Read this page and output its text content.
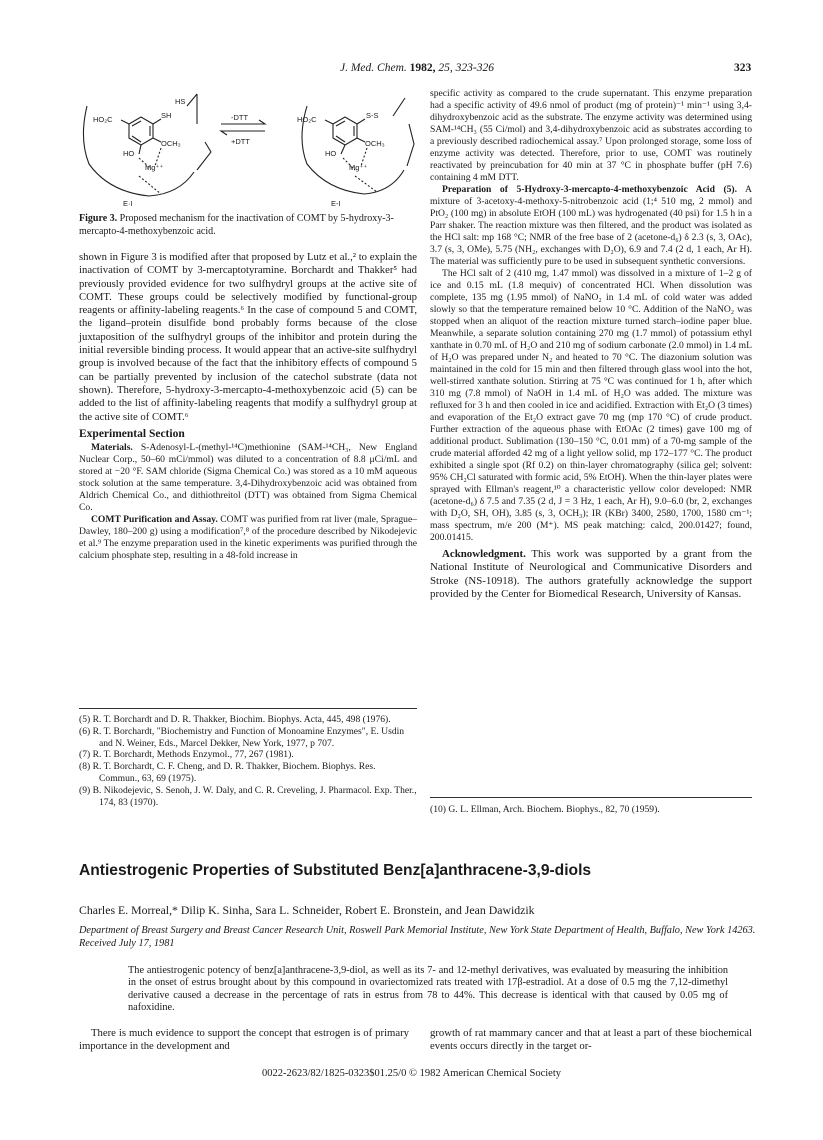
J. Med. Chem. 1982, 25, 323-326	323
HO₂C	SH
HS
OCH₃
HO
Mg⁺⁺
E·I
-DTT
+DTT
HO₂C	S-S
OCH₃
HO
Mg⁺⁺
E-I
Figure 3. Proposed mechanism for the inactivation of COMT by 5-hydroxy-3-mercapto-4-methoxybenzoic acid.

shown in Figure 3 is modified after that proposed by Lutz et al.,² to explain the inactivation of COMT by 3-mercaptotyramine. Borchardt and Thakker⁵ had previously provided evidence for two sulfhydryl groups at the active site of COMT. These groups could be selectively modified by functional-group reagents or affinity-labeling reagents.⁶ In the case of compound 5 and COMT, the ligand–protein disulfide bond probably forms because of the close juxtaposition of the sulfhydryl groups of the inhibitor and protein during the initial reversible binding process. It would appear that an active-site sulfhydryl group is involved because of the fact that the inhibitory effects of compound 5 can be partially prevented by inclusion of the catechol substrate (data not shown). Therefore, 5-hydroxy-3-mercapto-4-methoxybenzoic acid (5) can be added to the list of affinity-labeling reagents that modify a sulfhydryl group at the active site of COMT.⁶

Experimental Section

Materials. S-Adenosyl-L-(methyl-¹⁴C)methionine (SAM-¹⁴CH₃, New England Nuclear Corp., 50–60 mCi/mmol) was diluted to a concentration of 8.8 μCi/mL and stored at −20 °F. SAM chloride (Sigma Chemical Co.) was stored as a 10 mM aqueous stock solution at the same temperature. 3,4-Dihydroxybenzoic acid was obtained from Aldrich Chemical Co., and dithiothreitol (DTT) was obtained from Sigma Chemical Co.

COMT Purification and Assay. COMT was purified from rat liver (male, Sprague–Dawley, 180–200 g) using a modification⁷,⁸ of the procedure described by Nikodejevic et al.⁹ The enzyme preparation used in the kinetic experiments was purified through the calcium phosphate step, resulting in a 48-fold increase in

(5) R. T. Borchardt and D. R. Thakker, Biochim. Biophys. Acta, 445, 498 (1976).
(6) R. T. Borchardt, "Biochemistry and Function of Monoamine Enzymes", E. Usdin and N. Weiner, Eds., Marcel Dekker, New York, 1977, p 707.
(7) R. T. Borchardt, Methods Enzymol., 77, 267 (1981).
(8) R. T. Borchardt, C. F. Cheng, and D. R. Thakker, Biochem. Biophys. Res. Commun., 63, 69 (1975).
(9) B. Nikodejevic, S. Senoh, J. W. Daly, and C. R. Creveling, J. Pharmacol. Exp. Ther., 174, 83 (1970).

specific activity as compared to the crude supernatant. This enzyme preparation had a specific activity of 49.6 nmol of product (mg of protein)⁻¹ min⁻¹ using 3,4-dihydroxybenzoic acid as the substrate. The enzyme activity was determined using SAM-¹⁴CH₃ (55 Ci/mol) and 3,4-dihydroxybenzoic acid as substrates according to a previously described radiochemical assay.⁷ Upon prolonged storage, some loss of enzyme activity was detected. Therefore, prior to use, COMT was routinely reactivated by preincubation for 40 min at 37 °C in phosphate buffer (pH 7.6) containing 4 mM DTT.

Preparation of 5-Hydroxy-3-mercapto-4-methoxybenzoic Acid (5). A mixture of 3-acetoxy-4-methoxy-5-nitrobenzoic acid (1;⁴ 510 mg, 2 mmol) and PtO₂ (100 mg) in absolute EtOH (100 mL) was hydrogenated (40 psi) for 1.5 h in a Parr shaker. The reaction mixture was then filtered, and the product was isolated as the HCl salt: mp 168 °C; NMR of the free base of 2 (acetone-d₆) δ 2.3 (s, 3, OAc), 3.7 (s, 3, OMe), 5.75 (NH₂, exchanges with D₂O), 6.9 and 7.4 (2 d, 1 each, Ar H). The material was sufficiently pure to be used in subsequent synthetic conversions.

The HCl salt of 2 (410 mg, 1.47 mmol) was dissolved in a mixture of 1–2 g of ice and 0.15 mL (1.8 mequiv) of concentrated HCl. When dissolution was complete, 135 mg (1.95 mmol) of NaNO₂ in 1.4 mL of cold water was added slowly so that the temperature remained below 10 °C. Addition of the NaNO₂ was stopped when an aliquot of the reaction mixture turned starch–iodine paper blue. Meanwhile, a separate solution containing 270 mg (1.7 mmol) of potassium ethyl xanthate in 0.70 mL of H₂O and 210 mg of sodium carbonate (2.0 mmol) in 1.4 mL of H₂O was prepared under N₂ and heated to 70 °C. The diazonium solution was maintained in the cold for 15 min and then filtered through glass wool into the hot, well-stirred xanthate solution. Stirring at 75 °C was continued for 1 h, after which 310 mg (7.8 mmol) of NaOH in 1.4 mL of H₂O was added. The mixture was refluxed for 3 h and then cooled in ice and acidified. Extraction with Et₂O (3 times) and evaporation of the Et₂O extract gave 70 mg (mp 170 °C) of crude product. Further extraction of the aqueous phase with EtOAc (2 times) gave 100 mg of additional product. Sublimation (130–150 °C, 0.01 mm) of a 70-mg sample of the crude material afforded 42 mg of a light yellow solid, mp 172–177 °C. The product exhibited a single spot (Rf 0.2) on thin-layer chromatography (silica gel; solvent: 95% CH₂Cl saturated with formic acid, 5% EtOH). When the thin-layer plates were sprayed with Ellman's reagent,¹⁰ a characteristic yellow color developed: NMR (acetone-d₆) δ 7.5 and 7.35 (2 d, J = 3 Hz, 1 each, Ar H), 9.0–6.0 (br, 2, exchanges with D₂O, SH, OH), 3.85 (s, 3, OCH₃); IR (KBr) 3400, 2580, 1700, 1580 cm⁻¹; mass spectrum, m/e 200 (M⁺). MS peak matching: calcd, 200.01427; found, 200.01415.

Acknowledgment. This work was supported by a grant from the National Institute of Neurological and Communicative Disorders and Stroke (NS-10918). The authors gratefully acknowledge the support provided by the Center for Biomedical Research, University of Kansas.

(10) G. L. Ellman, Arch. Biochem. Biophys., 82, 70 (1959).
Antiestrogenic Properties of Substituted Benz[a]anthracene-3,9-diols
Charles E. Morreal,* Dilip K. Sinha, Sara L. Schneider, Robert E. Bronstein, and Jean Dawidzik
Department of Breast Surgery and Breast Cancer Research Unit, Roswell Park Memorial Institute, New York State Department of Health, Buffalo, New York 14263. Received July 17, 1981
The antiestrogenic potency of benz[a]anthracene-3,9-diol, as well as its 7- and 12-methyl derivatives, was evaluated by measuring the inhibition in the onset of estrus brought about by this compound in ovariectomized rats treated with 17β-estradiol. At a dose of 0.5 mg the 7,12-dimethyl derivative caused a decrease in the percentage of rats in estrus from 78 to 44%. This decrease is identical with that caused by 0.05 mg of nafoxidine.
There is much evidence to support the concept that estrogen is of primary importance in the development and
growth of rat mammary cancer and that at least a part of these biochemical events occurs directly in the target or-
0022-2623/82/1825-0323$01.25/0 © 1982 American Chemical Society
